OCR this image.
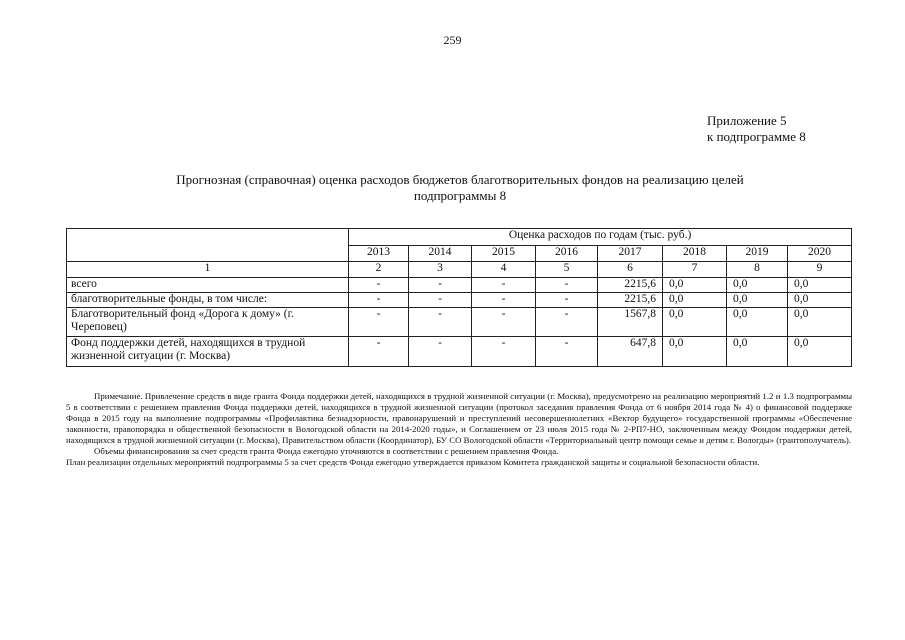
259
Приложение 5
к подпрограмме 8
Прогнозная (справочная) оценка расходов бюджетов благотворительных фондов на реализацию целей
подпрограммы 8
	Оценка расходов по годам (тыс. руб.)							
	2013	2014	2015	2016	2017	2018	2019	2020
1	2	3	4	5	6	7	8	9
всего	-	-	-	-	2215,6	0,0	0,0	0,0
благотворительные фонды, в том числе:	-	-	-	-	2215,6	0,0	0,0	0,0
Благотворительный фонд «Дорога к дому» (г. Череповец)	-	-	-	-	1567,8	0,0	0,0	0,0
Фонд поддержки детей, находящихся в трудной жизненной ситуации (г. Москва)	-	-	-	-	647,8	0,0	0,0	0,0

Примечание. Привлечение средств в виде гранта Фонда поддержки детей, находящихся в трудной жизненной ситуации (г. Москва), предусмотрено на реализацию мероприятий 1.2 и 1.3 подпрограммы 5 в соответствии с решением правления Фонда поддержки детей, находящихся в трудной жизненной ситуации (протокол заседания правления Фонда от 6 ноября 2014 года № 4) о финансовой поддержке Фонда в 2015 году на выполнение подпрограммы «Профилактика безнадзорности, правонарушений и преступлений несовершеннолетних «Вектор будущего» государственной программы «Обеспечение законности, правопорядка и общественной безопасности в Вологодской области на 2014-2020 годы», и Соглашением от 23 июля 2015 года № 2-РП7-НО, заключенным между Фондом поддержки детей, находящихся в трудной жизненной ситуации (г. Москва), Правительством области (Координатор), БУ СО Вологодской области «Территориальный центр помощи семье и детям г. Вологды» (грантополучатель).

Объемы финансирования за счет средств гранта Фонда ежегодно уточняются в соответствии с решением правления Фонда.

План реализации отдельных мероприятий подпрограммы 5 за счет средств Фонда ежегодно утверждается приказом Комитета гражданской защиты и социальной безопасности области.
